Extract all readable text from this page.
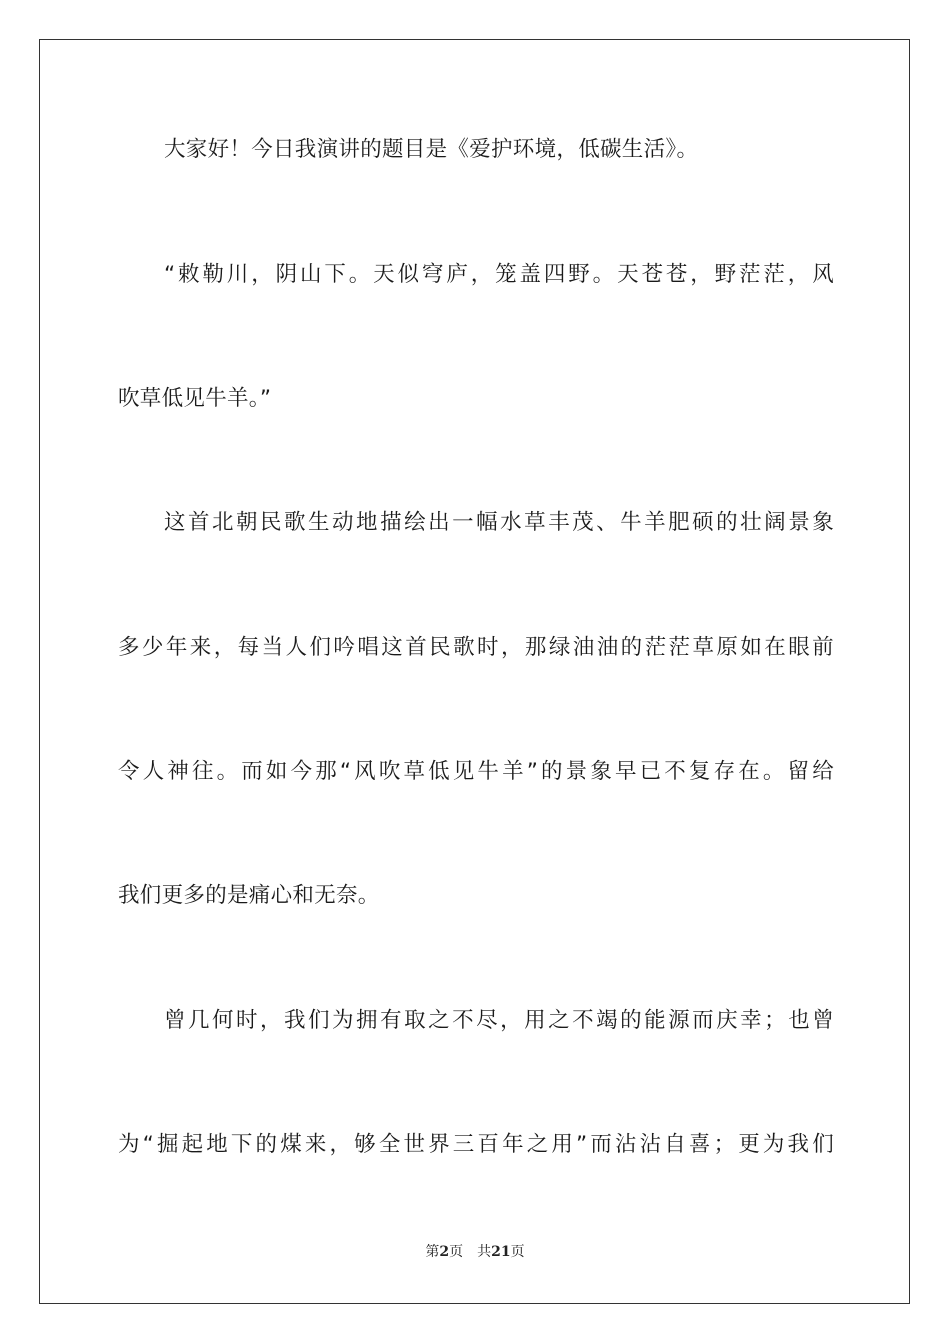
大家好！今日我演讲的题目是《爱护环境，低碳生活》。
“敕勒川，阴山下。天似穹庐，笼盖四野。天苍苍，野茫茫，风
吹草低见牛羊。”
这首北朝民歌生动地描绘出一幅水草丰茂、牛羊肥硕的壮阔景象
多少年来，每当人们吟唱这首民歌时，那绿油油的茫茫草原如在眼前
令人神往。而如今那“风吹草低见牛羊”的景象早已不复存在。留给
我们更多的是痛心和无奈。
曾几何时，我们为拥有取之不尽，用之不竭的能源而庆幸；也曾
为“掘起地下的煤来，够全世界三百年之用”而沾沾自喜；更为我们
第2页 共21页
